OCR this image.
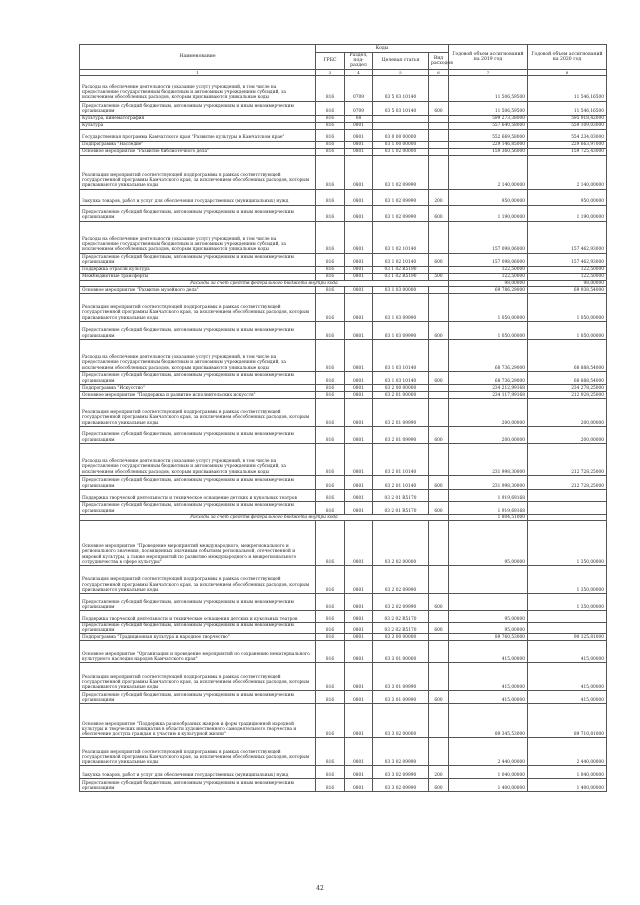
Наименование	Коды				Годовой объем ассигнований на 2019 год	Годовой объем ассигнований на 2020 год
	ГРБС	Раздел, под-раздел	Целевая статья	Вид расходов		
1	3	4	5	6	7	8
Расходы на обеспечение деятельности (оказание услуг) учреждений, в том числе на предоставление государственным бюджетным и автономным учреждениям субсидий, за исключением обособленных расходов, которым присваиваются уникальные коды	816	0709	03 5 03 10140		11 506,59500	11 546,16500
Предоставление субсидий бюджетным, автономным учреждениям и иным некоммерческим организациям	816	0709	03 5 03 10140	600	11 506,59500	11 546,16500
Культура, кинематография	816	08			599 273,38000	595 918,42000
Культура	816	0801			557 640,58000	559 109,03000
Государственная программа Камчатского края "Развитие культуры в Камчатском крае"	816	0801	03 0 00 00000		552 669,58000	554 234,03000
Подпрограмма "Наследие"	816	0801	03 1 00 00000		229 146,85000	229 663,97000
Основное мероприятие "Развитие библиотечного дела"	816	0801	03 1 02 00000		159 360,56000	159 725,43000
Реализация мероприятий соответствующей подпрограммы в рамках соответствующей государственной программы Камчатского края, за исключением обособленных расходов, которым присваиваются уникальные коды	816	0801	03 1 02 09990		2 140,00000	2 140,00000
Закупка товаров, работ и услуг для обеспечения государственных (муниципальных) нужд	816	0801	03 1 02 09990	200	950,00000	950,00000
Предоставление субсидий бюджетным, автономным учреждениям и иным некоммерческим организациям	816	0801	03 1 02 09990	600	1 190,00000	1 190,00000
Расходы на обеспечение деятельности (оказание услуг) учреждений, в том числе на предоставление государственным бюджетным и автономным учреждениям субсидий, за исключением обособленных расходов, которым присваиваются уникальные коды	816	0801	03 1 02 10140		157 098,06000	157 462,93000
Предоставление субсидий бюджетным, автономным учреждениям и иным некоммерческим организациям	816	0801	03 1 02 10140	600	157 098,06000	157 462,93000
Поддержка отрасли культура	816	0801	03 1 02 R5190		122,50000	122,50000
Межбюджетные трансферты	816	0801	03 1 02 R5190	500	122,50000	122,50000
Расходы за счет средств федерального бюджета внутри кода					98,00000	98,00000
Основное мероприятие "Развитие музейного дела"	816	0801	03 1 03 00000		69 786,29000	69 938,54000
Реализация мероприятий соответствующей подпрограммы в рамках соответствующей государственной программы Камчатского края, за исключением обособленных расходов, которым присваиваются уникальные коды	816	0801	03 1 03 09990		1 050,00000	1 050,00000
Предоставление субсидий бюджетным, автономным учреждениям и иным некоммерческим организациям	816	0801	03 1 03 09990	600	1 050,00000	1 050,00000
Расходы на обеспечение деятельности (оказание услуг) учреждений, в том числе на предоставление государственным бюджетным и автономным учреждениям субсидий, за исключением обособленных расходов, которым присваиваются уникальные коды	816	0801	03 1 03 10140		68 736,29000	68 888,54000
Предоставление субсидий бюджетным, автономным учреждениям и иным некоммерческим организациям	816	0801	03 1 03 10140	600	68 736,29000	68 888,54000
Подпрограмма "Искусство"	816	0801	03 2 00 00000		234 212,99168	234 278,25000
Основное мероприятие "Поддержка и развитие исполнительских искусств"	816	0801	03 2 01 00000		234 117,99168	212 928,25000
Реализация мероприятий соответствующей подпрограммы в рамках соответствующей государственной программы Камчатского края, за исключением обособленных расходов, которым присваиваются уникальные коды	816	0801	03 2 01 09990		200,00000	200,00000
Предоставление субсидий бюджетным, автономным учреждениям и иным некоммерческим организациям	816	0801	03 2 01 09990	600	200,00000	200,00000
Расходы на обеспечение деятельности (оказание услуг) учреждений, в том числе на предоставление государственным бюджетным и автономным учреждениям субсидий, за исключением обособленных расходов, которым присваиваются уникальные коды	816	0801	03 2 01 10140		231 998,30000	212 728,25000
Предоставление субсидий бюджетным, автономным учреждениям и иным некоммерческим организациям	816	0801	03 2 01 10140	600	231 998,30000	212 728,25000
Поддержка творческой деятельности и техническое оснащение детских и кукольных театров	816	0801	03 2 01 R5170		1 919,69168	
Предоставление субсидий бюджетным, автономным учреждениям и иным некоммерческим организациям	816	0801	03 2 01 R5170	600	1 919,69168	
Расходы за счет средств федерального бюджета внутри кода					1 804,51000	
Основное мероприятие "Проведение мероприятий международного, межрегионального и регионального значения, посвященных значимым событиям региональной, отечественной и мировой культуры, а также мероприятий по развитию международного и межрегионального сотрудничества в сфере культуры"	816	0801	03 2 02 00000		95,00000	1 350,00000
Реализация мероприятий соответствующей подпрограммы в рамках соответствующей государственной программы Камчатского края, за исключением обособленных расходов, которым присваиваются уникальные коды	816	0801	03 2 02 09990			1 350,00000
Предоставление субсидий бюджетным, автономным учреждениям и иным некоммерческим организациям	816	0801	03 2 02 09990	600		1 350,00000
Поддержка творческой деятельности и технические оснащения детских и кукольных театров	816	0801	03 2 02 R5170		95,00000	
Предоставление субсидий бюджетным, автономным учреждениям и иным некоммерческим организациям	816	0801	03 2 02 R5170	600	95,00000	
Подпрограмма "Традиционная культура и народное творчество"	816	0801	03 3 00 00000		89 760,53000	90 125,81000
Основное мероприятие "Организация и проведение мероприятий по сохранению нематериального культурного наследия народов Камчатского края"	816	0801	03 3 01 00000		415,00000	415,00000
Реализация мероприятий соответствующей подпрограммы в рамках соответствующей государственной программы Камчатского края, за исключением обособленных расходов, которым присваиваются уникальные коды	816	0801	03 3 01 09990		415,00000	415,00000
Предоставление субсидий бюджетным, автономным учреждениям и иным некоммерческим организациям	816	0801	03 3 01 09990	600	415,00000	415,00000
Основное мероприятие "Поддержка разнообразных жанров и форм традиционной народной культуры и творческих инициатив в области художественного самодеятельного творчества и обеспечение доступа граждан к участию в культурной жизни"	816	0801	03 3 02 00000		89 345,53000	89 710,81000
Реализация мероприятий соответствующей подпрограммы в рамках соответствующей государственной программы Камчатского края, за исключением обособленных расходов, которым присваиваются уникальные коды	816	0801	03 3 02 09990		2 440,00000	2 440,00000
Закупка товаров, работ и услуг для обеспечения государственных (муниципальных) нужд	816	0801	03 3 02 09990	200	1 040,00000	1 040,00000
Предоставление субсидий бюджетным, автономным учреждениям и иным некоммерческим организациям	816	0801	03 3 02 09990	600	1 400,00000	1 400,00000
42
